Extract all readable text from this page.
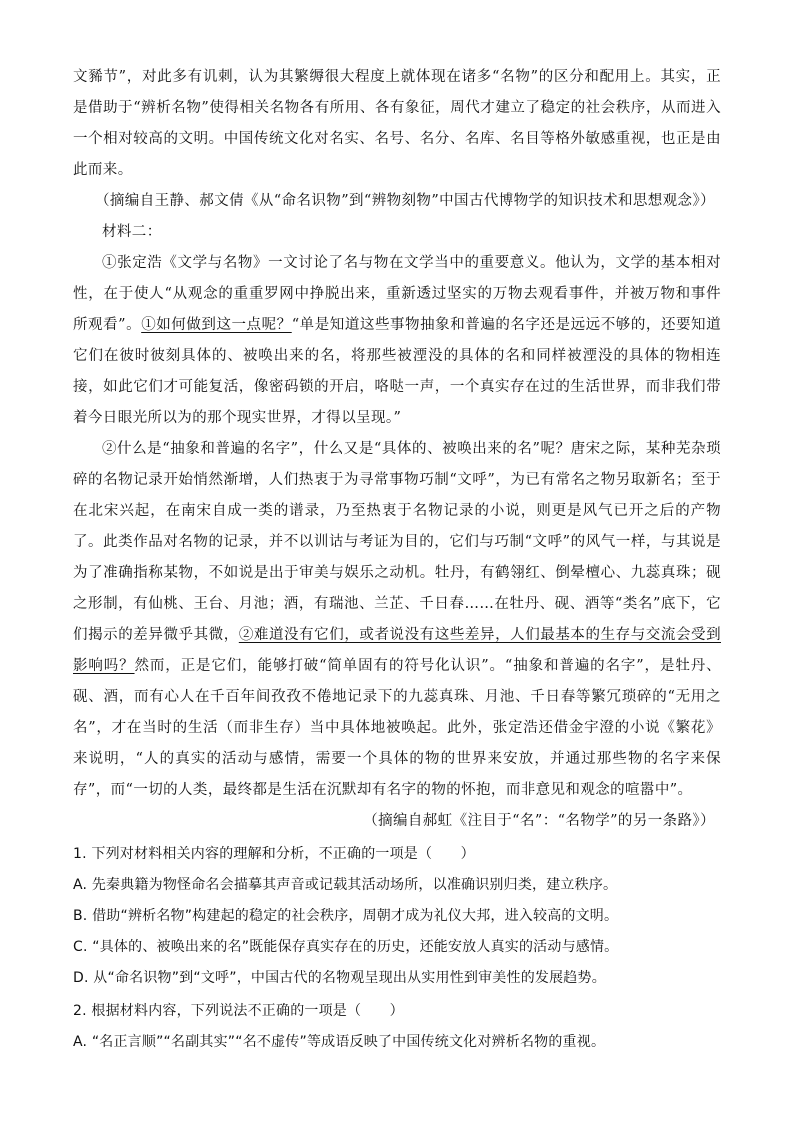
文豨节”，对此多有讥刺，认为其繁缛很大程度上就体现在诸多“名物”的区分和配用上。其实，正是借助于“辨析名物”使得相关名物各有所用、各有象征，周代才建立了稳定的社会秩序，从而进入一个相对较高的文明。中国传统文化对名实、名号、名分、名库、名目等格外敏感重视，也正是由此而来。

（摘编自王静、郝文倩《从“命名识物”到“辨物刻物”中国古代博物学的知识技术和思想观念》）

材料二：

①张定浩《文学与名物》一文讨论了名与物在文学当中的重要意义。他认为，文学的基本相对性，在于使人“从观念的重重罗网中挣脱出来，重新透过坚实的万物去观看事件，并被万物和事件所观看”。①如何做到这一点呢？“单是知道这些事物抽象和普遍的名字还是远远不够的，还要知道它们在彼时彼刻具体的、被唤出来的名，将那些被湮没的具体的名和同样被湮没的具体的物相连接，如此它们才可能复活，像密码锁的开启，咯哒一声，一个真实存在过的生活世界，而非我们带着今日眼光所以为的那个现实世界，才得以呈现。”

②什么是“抽象和普遍的名字”，什么又是“具体的、被唤出来的名”呢？唐宋之际，某种芜杂琐碎的名物记录开始悄然渐增，人们热衷于为寻常事物巧制“文呼”，为已有常名之物另取新名；至于在北宋兴起，在南宋自成一类的谱录，乃至热衷于名物记录的小说，则更是风气已开之后的产物了。此类作品对名物的记录，并不以训诂与考证为目的，它们与巧制“文呼”的风气一样，与其说是为了准确指称某物，不如说是出于审美与娱乐之动机。牡丹，有鹤翎红、倒晕檀心、九蕊真珠；砚之形制，有仙桃、王台、月池；酒，有瑞池、兰芷、千日春……在牡丹、砚、酒等“类名”底下，它们揭示的差异微乎其微，②难道没有它们，或者说没有这些差异，人们最基本的生存与交流会受到影响吗？然而，正是它们，能够打破“简单固有的符号化认识”。“抽象和普遍的名字”，是牡丹、砚、酒，而有心人在千百年间孜孜不倦地记录下的九蕊真珠、月池、千日春等繁冗琐碎的“无用之名”，才在当时的生活（而非生存）当中具体地被唤起。此外，张定浩还借金宇澄的小说《繁花》来说明，“人的真实的活动与感情，需要一个具体的物的世界来安放，并通过那些物的名字来保存”，而“一切的人类，最终都是生活在沉默却有名字的物的怀抱，而非意见和观念的喧嚣中”。

（摘编自郝虹《注目于“名”：“名物学”的另一条路》）

1. 下列对材料相关内容的理解和分析，不正确的一项是（　　）

A. 先秦典籍为物怪命名会描摹其声音或记载其活动场所，以准确识别归类，建立秩序。

B. 借助“辨析名物”构建起的稳定的社会秩序，周朝才成为礼仪大邦，进入较高的文明。

C. “具体的、被唤出来的名”既能保存真实存在的历史，还能安放人真实的活动与感情。

D. 从“命名识物”到“文呼”，中国古代的名物观呈现出从实用性到审美性的发展趋势。

2. 根据材料内容，下列说法不正确的一项是（　　）

A. “名正言顺”“名副其实”“名不虚传”等成语反映了中国传统文化对辨析名物的重视。
